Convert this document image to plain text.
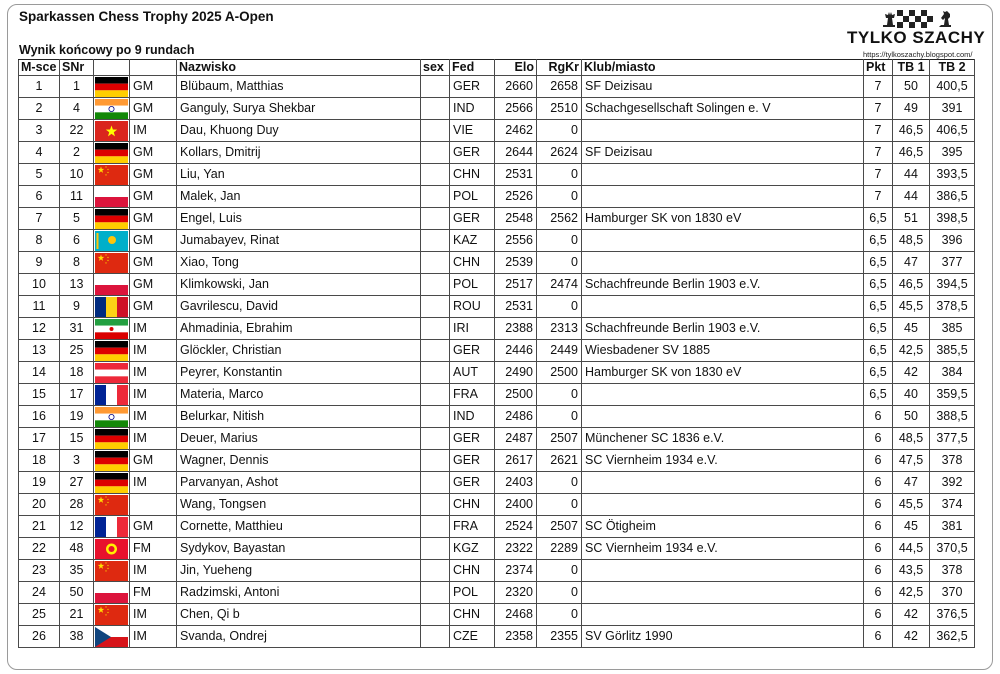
Sparkassen Chess Trophy 2025 A-Open
Wynik końcowy po 9 rundach
TYLKO SZACHY
https://tylkoszachy.blogspot.com/
M-sce	SNr			Nazwisko	sex	Fed	Elo	RgKr	Klub/miasto	Pkt	TB 1	TB 2
1	1		GM	Blübaum, Matthias		GER	2660	2658	SF Deizisau	7	50	400,5
2	4		GM	Ganguly, Surya Shekbar		IND	2566	2510	Schachgesellschaft Solingen e. V	7	49	391
3	22		IM	Dau, Khuong Duy		VIE	2462	0		7	46,5	406,5
4	2		GM	Kollars, Dmitrij		GER	2644	2624	SF Deizisau	7	46,5	395
5	10		GM	Liu, Yan		CHN	2531	0		7	44	393,5
6	11		GM	Malek, Jan		POL	2526	0		7	44	386,5
7	5		GM	Engel, Luis		GER	2548	2562	Hamburger SK von 1830 eV	6,5	51	398,5
8	6		GM	Jumabayev, Rinat		KAZ	2556	0		6,5	48,5	396
9	8		GM	Xiao, Tong		CHN	2539	0		6,5	47	377
10	13		GM	Klimkowski, Jan		POL	2517	2474	Schachfreunde Berlin 1903 e.V.	6,5	46,5	394,5
11	9		GM	Gavrilescu, David		ROU	2531	0		6,5	45,5	378,5
12	31		IM	Ahmadinia, Ebrahim		IRI	2388	2313	Schachfreunde Berlin 1903 e.V.	6,5	45	385
13	25		IM	Glöckler, Christian		GER	2446	2449	Wiesbadener SV 1885	6,5	42,5	385,5
14	18		IM	Peyrer, Konstantin		AUT	2490	2500	Hamburger SK von 1830 eV	6,5	42	384
15	17		IM	Materia, Marco		FRA	2500	0		6,5	40	359,5
16	19		IM	Belurkar, Nitish		IND	2486	0		6	50	388,5
17	15		IM	Deuer, Marius		GER	2487	2507	Münchener SC 1836 e.V.	6	48,5	377,5
18	3		GM	Wagner, Dennis		GER	2617	2621	SC Viernheim 1934 e.V.	6	47,5	378
19	27		IM	Parvanyan, Ashot		GER	2403	0		6	47	392
20	28			Wang, Tongsen		CHN	2400	0		6	45,5	374
21	12		GM	Cornette, Matthieu		FRA	2524	2507	SC Ötigheim	6	45	381
22	48		FM	Sydykov, Bayastan		KGZ	2322	2289	SC Viernheim 1934 e.V.	6	44,5	370,5
23	35		IM	Jin, Yueheng		CHN	2374	0		6	43,5	378
24	50		FM	Radzimski, Antoni		POL	2320	0		6	42,5	370
25	21		IM	Chen, Qi b		CHN	2468	0		6	42	376,5
26	38		IM	Svanda, Ondrej		CZE	2358	2355	SV Görlitz 1990	6	42	362,5
